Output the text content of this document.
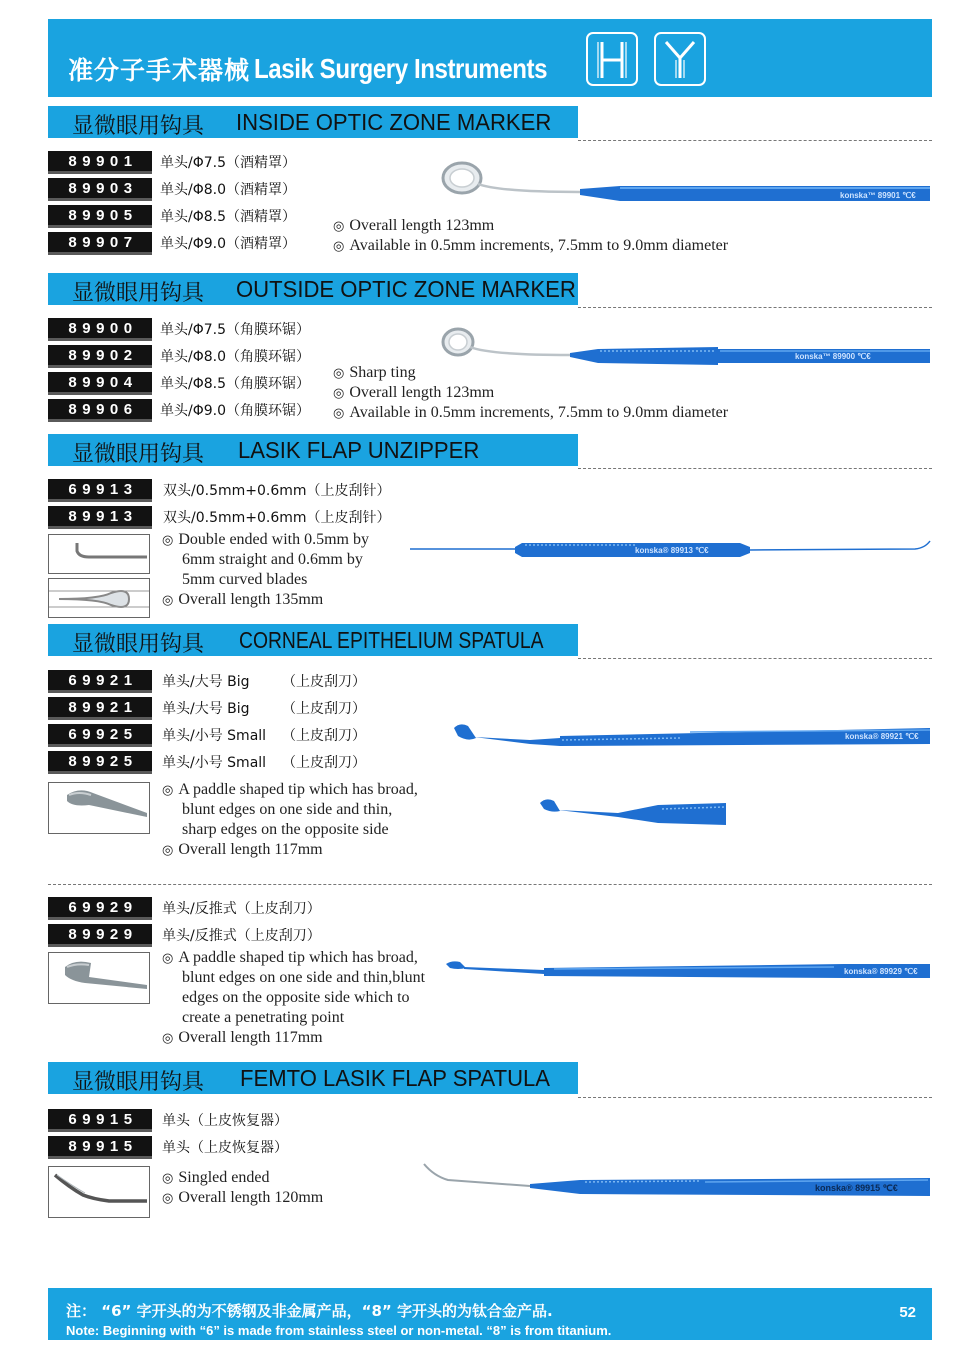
准分子手术器械 Lasik Surgery Instruments
显微眼用钩具 INSIDE OPTIC ZONE MARKER
89901	单头/Φ7.5（酒精罩）
89903	单头/Φ8.0（酒精罩）
89905	单头/Φ8.5（酒精罩）
89907	单头/Φ9.0（酒精罩）
◎ Overall length 123mm
◎ Available in 0.5mm increments, 7.5mm to 9.0mm diameter
konska™ 89901 ℃€
显微眼用钩具 OUTSIDE OPTIC ZONE MARKER
89900	单头/Φ7.5（角膜环锯）
89902	单头/Φ8.0（角膜环锯）
89904	单头/Φ8.5（角膜环锯）
89906	单头/Φ9.0（角膜环锯）
◎ Sharp ting
◎ Overall length 123mm
◎ Available in 0.5mm increments, 7.5mm to 9.0mm diameter
konska™ 89900 ℃€
显微眼用钩具 LASIK FLAP UNZIPPER
69913	双头/0.5mm+0.6mm（上皮刮针）
89913	双头/0.5mm+0.6mm（上皮刮针）
◎ Double ended with 0.5mm by
6mm straight and 0.6mm by
5mm curved blades
◎ Overall length 135mm
konska® 89913 ℃€
显微眼用钩具 CORNEAL EPITHELIUM SPATULA
69921	单头/大号 Big （上皮刮刀）
89921	单头/大号 Big （上皮刮刀）
69925	单头/小号 Small （上皮刮刀）
89925	单头/小号 Small （上皮刮刀）
◎ A paddle shaped tip which has broad,
blunt edges on one side and thin,
sharp edges on the opposite side
◎ Overall length 117mm
konska® 89921 ℃€
69929	单头/反推式（上皮刮刀）
89929	单头/反推式（上皮刮刀）
◎ A paddle shaped tip which has broad,
blunt edges on one side and thin,blunt
edges on the opposite side which to
create a penetrating point
◎ Overall length 117mm
konska® 89929 ℃€
显微眼用钩具 FEMTO LASIK FLAP SPATULA
69915	单头（上皮恢复器）
89915	单头（上皮恢复器）
◎ Singled ended
◎ Overall length 120mm
konska® 89915 ℃€
注： “6” 字开头的为不锈钢及非金属产品，“8” 字开头的为钛合金产品.
Note: Beginning with “6” is made from stainless steel or non-metal. “8” is from titanium.
52
